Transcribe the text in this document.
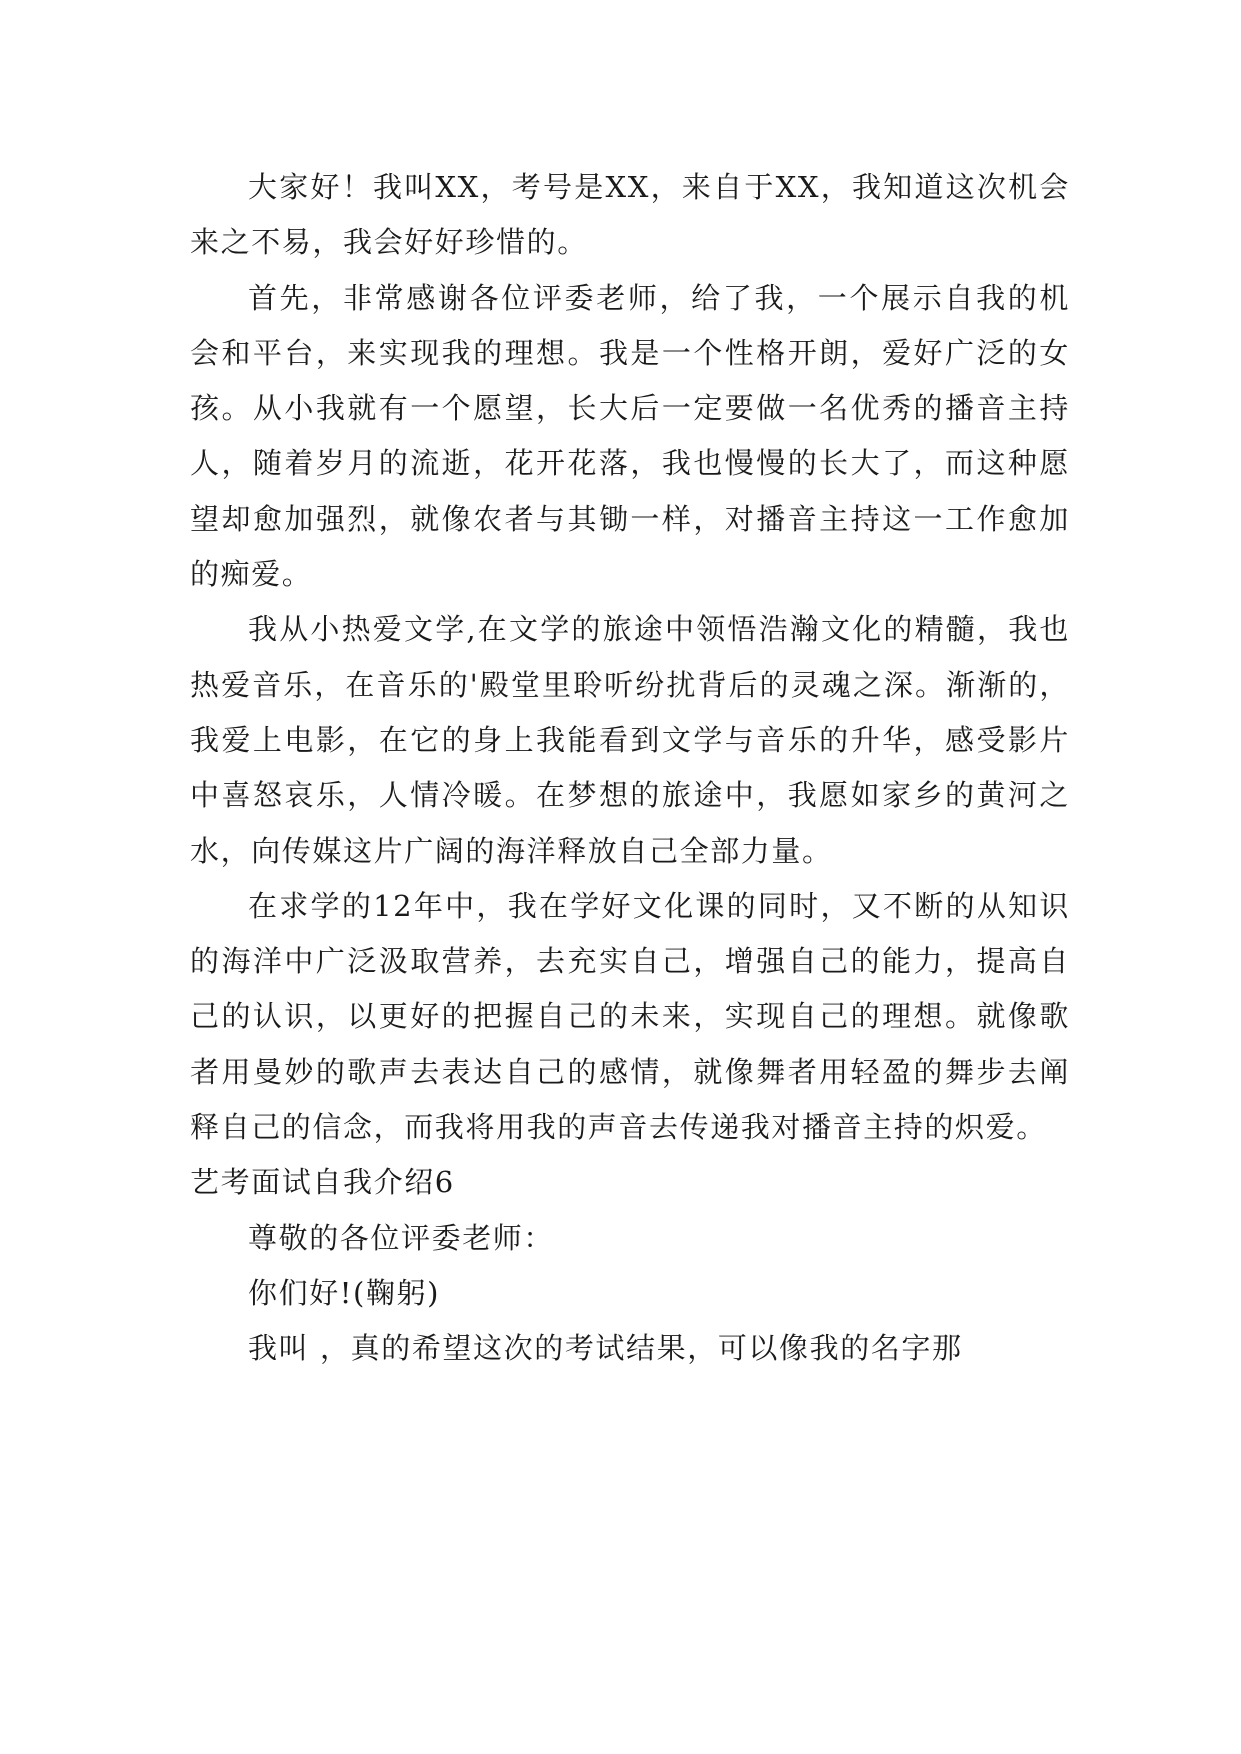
大家好！我叫XX，考号是XX，来自于XX，我知道这次机会来之不易，我会好好珍惜的。

首先，非常感谢各位评委老师，给了我，一个展示自我的机会和平台，来实现我的理想。我是一个性格开朗，爱好广泛的女孩。从小我就有一个愿望，长大后一定要做一名优秀的播音主持人，随着岁月的流逝，花开花落，我也慢慢的长大了，而这种愿望却愈加强烈，就像农者与其锄一样，对播音主持这一工作愈加的痴爱。

我从小热爱文学,在文学的旅途中领悟浩瀚文化的精髓，我也热爱音乐，在音乐的'殿堂里聆听纷扰背后的灵魂之深。渐渐的，我爱上电影，在它的身上我能看到文学与音乐的升华，感受影片中喜怒哀乐，人情冷暖。在梦想的旅途中，我愿如家乡的黄河之水，向传媒这片广阔的海洋释放自己全部力量。

在求学的12年中，我在学好文化课的同时，又不断的从知识的海洋中广泛汲取营养，去充实自己，增强自己的能力，提高自己的认识，以更好的把握自己的未来，实现自己的理想。就像歌者用曼妙的歌声去表达自己的感情，就像舞者用轻盈的舞步去阐释自己的信念，而我将用我的声音去传递我对播音主持的炽爱。

艺考面试自我介绍6

尊敬的各位评委老师：

你们好!(鞠躬)

我叫 ，真的希望这次的考试结果，可以像我的名字那
